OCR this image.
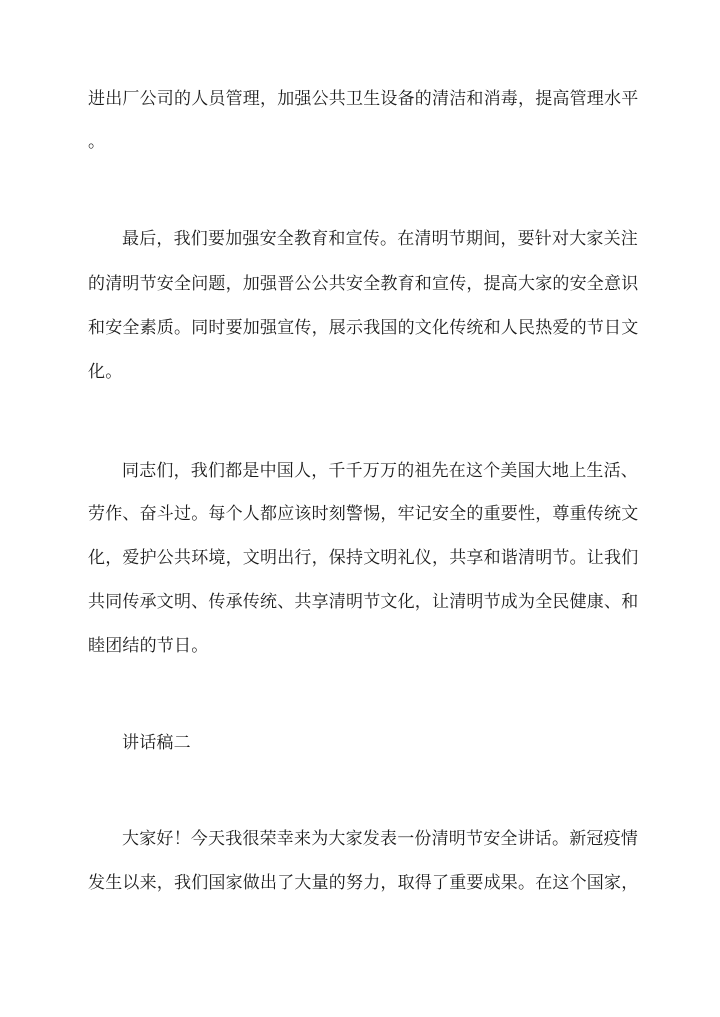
进出厂公司的人员管理，加强公共卫生设备的清洁和消毒，提高管理水平
。
最后，我们要加强安全教育和宣传。在清明节期间，要针对大家关注
的清明节安全问题，加强晋公公共安全教育和宣传，提高大家的安全意识
和安全素质。同时要加强宣传，展示我国的文化传统和人民热爱的节日文
化。
同志们，我们都是中国人，千千万万的祖先在这个美国大地上生活、
劳作、奋斗过。每个人都应该时刻警惕，牢记安全的重要性，尊重传统文
化，爱护公共环境，文明出行，保持文明礼仪，共享和谐清明节。让我们
共同传承文明、传承传统、共享清明节文化，让清明节成为全民健康、和
睦团结的节日。
讲话稿二
大家好！今天我很荣幸来为大家发表一份清明节安全讲话。新冠疫情
发生以来，我们国家做出了大量的努力，取得了重要成果。在这个国家，
